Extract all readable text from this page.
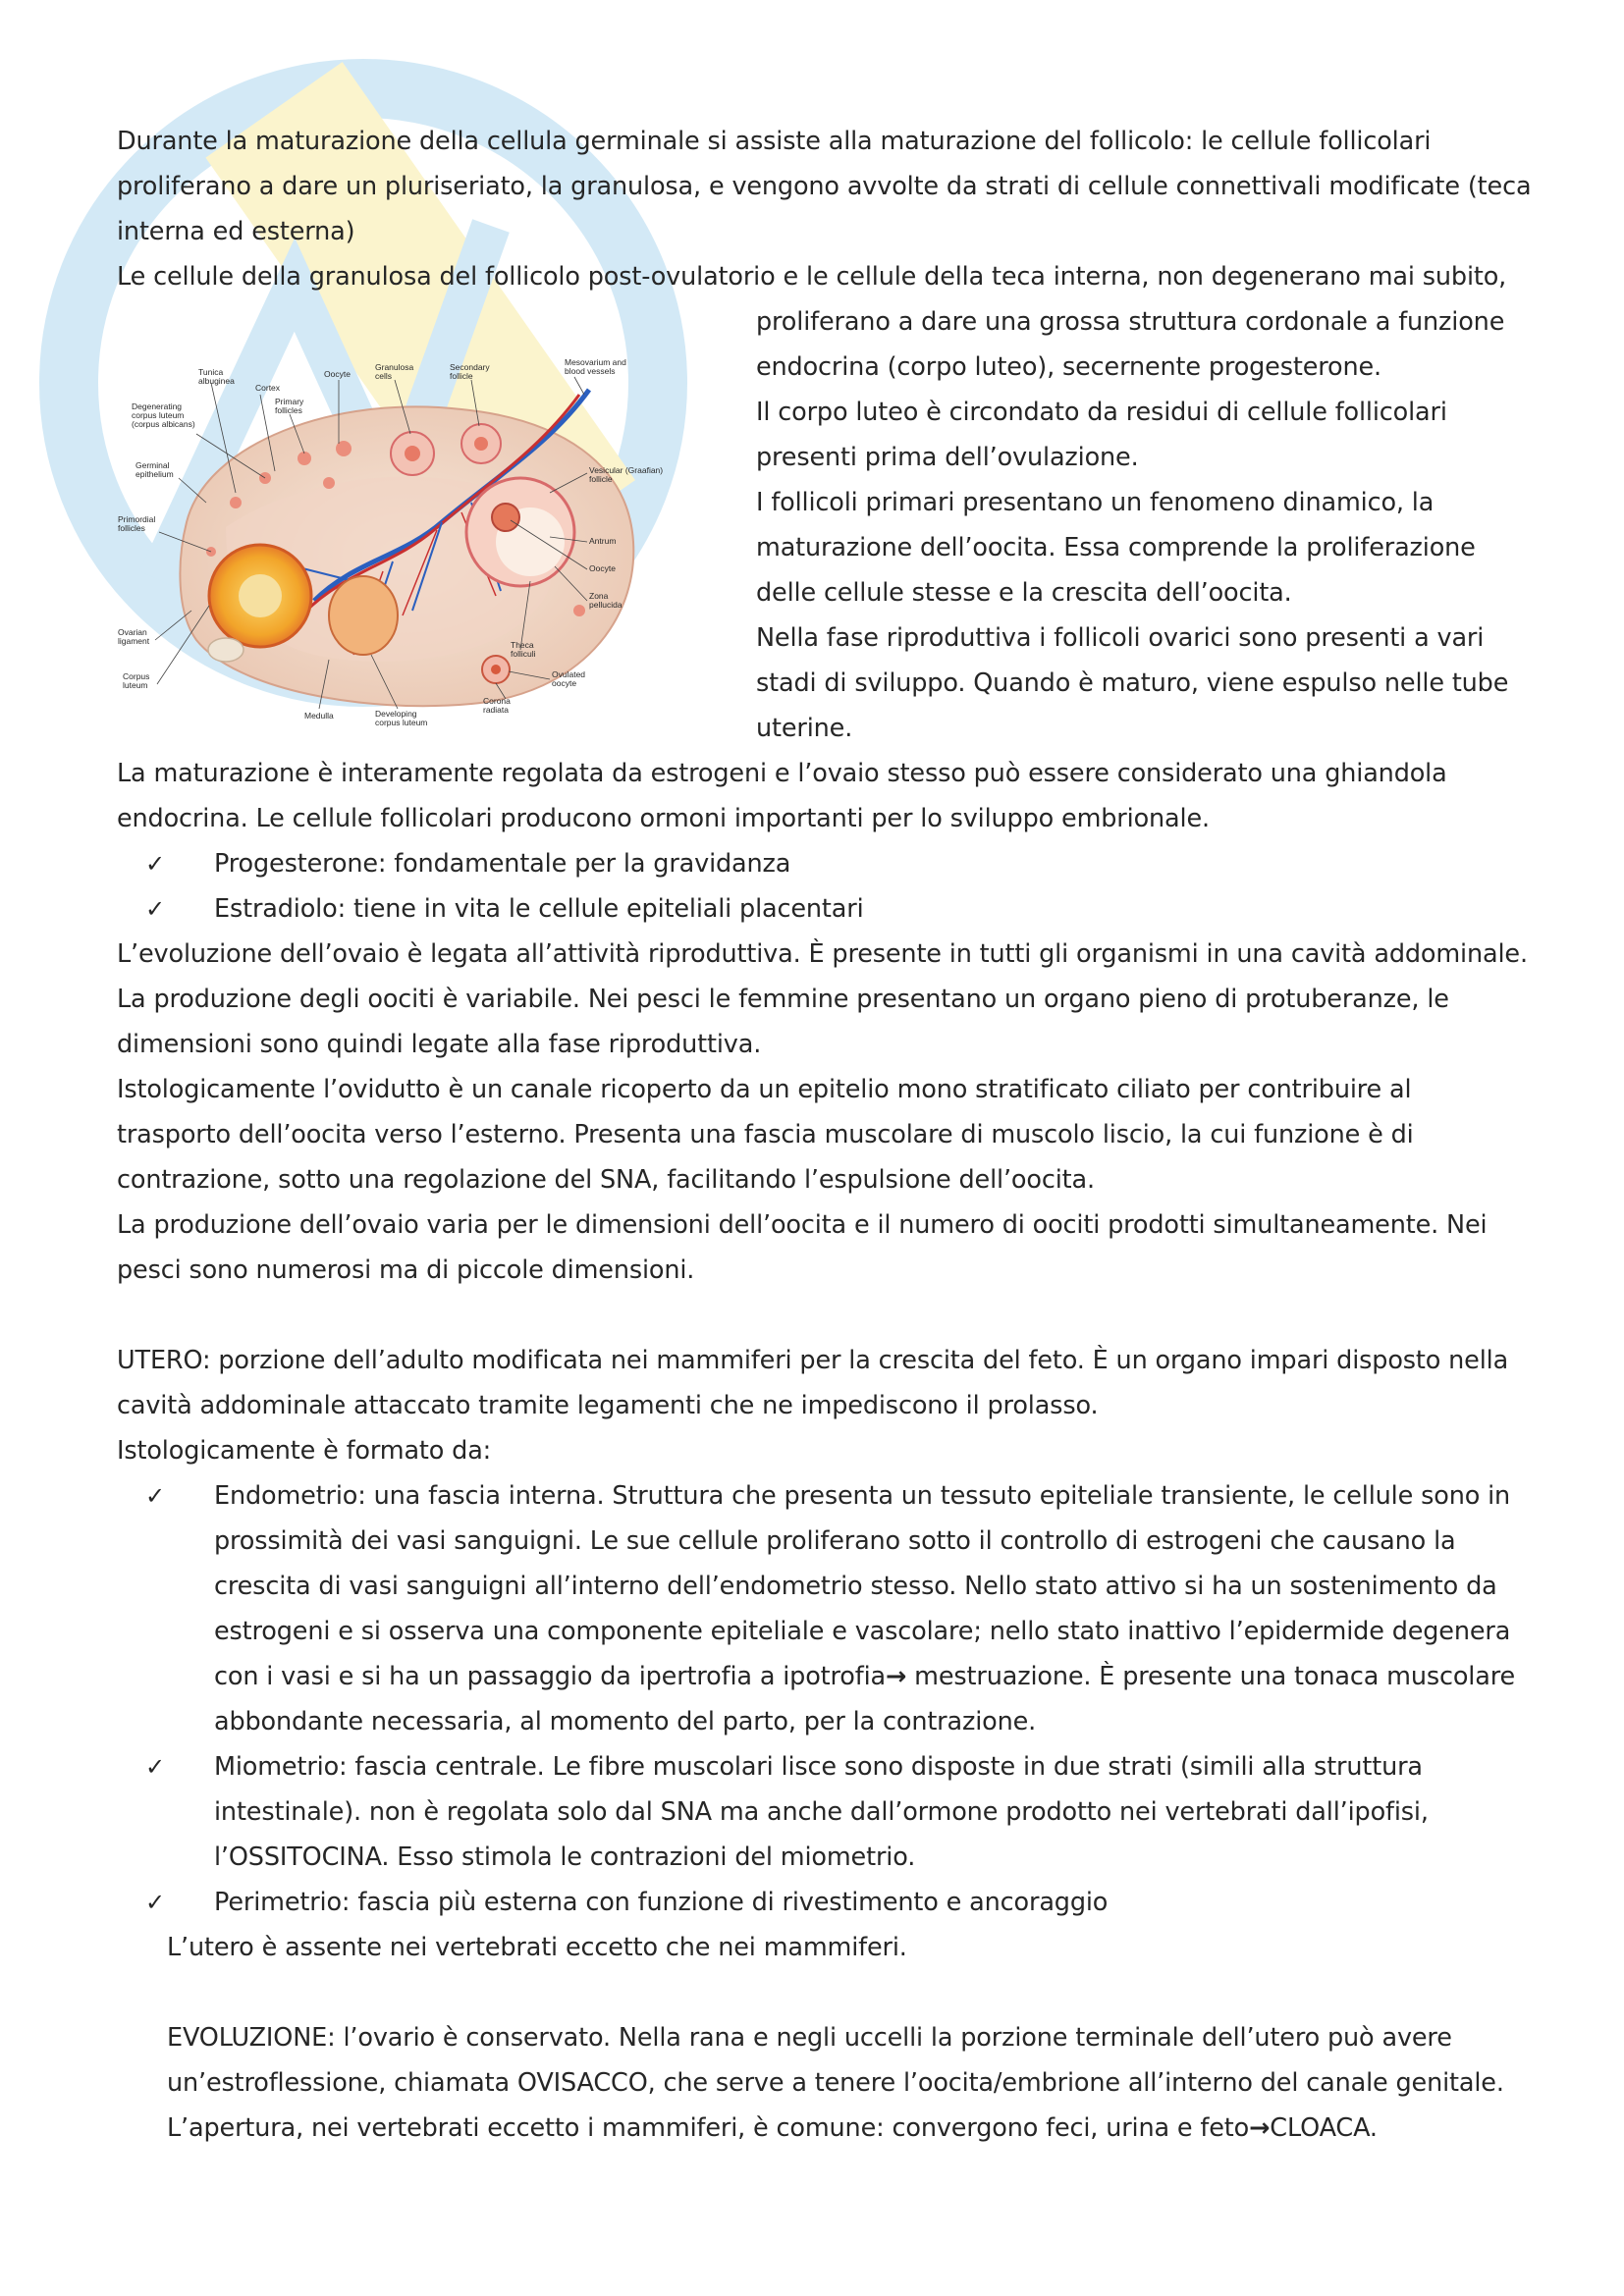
Tunica albuginea
Cortex
Oocyte
Granulosa cells
Secondary follicle
Mesovarium and blood vessels
Degenerating corpus luteum (corpus albicans)
Primary follicles
Germinal epithelium
Primordial follicles
Vesicular (Graafian) follicle
Antrum
Oocyte
Zona pellucida
Ovarian ligament
Corpus luteum
Theca folliculi
Ovulated oocyte
Corona radiata
Medulla	Developing corpus luteum
Durante la maturazione della cellula germinale si assiste alla maturazione del follicolo: le cellule follicolari
proliferano a dare un pluriseriato, la granulosa, e vengono avvolte da strati di cellule connettivali modificate (teca
interna ed esterna)
Le cellule della granulosa del follicolo post-ovulatorio e le cellule della teca interna, non degenerano mai subito,
proliferano a dare una grossa struttura cordonale a funzione
endocrina (corpo luteo), secernente progesterone.
Il corpo luteo è circondato da residui di cellule follicolari
presenti prima dell’ovulazione.
I follicoli primari presentano un fenomeno dinamico, la
maturazione dell’oocita. Essa comprende la proliferazione
delle cellule stesse e la crescita dell’oocita.
Nella fase riproduttiva i follicoli ovarici sono presenti a vari
stadi di sviluppo. Quando è maturo, viene espulso nelle tube
uterine.
La maturazione è interamente regolata da estrogeni e l’ovaio stesso può essere considerato una ghiandola
endocrina. Le cellule follicolari producono ormoni importanti per lo sviluppo embrionale.
✓ Progesterone: fondamentale per la gravidanza
✓ Estradiolo: tiene in vita le cellule epiteliali placentari
L’evoluzione dell’ovaio è legata all’attività riproduttiva. È presente in tutti gli organismi in una cavità addominale.
La produzione degli oociti è variabile. Nei pesci le femmine presentano un organo pieno di protuberanze, le
dimensioni sono quindi legate alla fase riproduttiva.
Istologicamente l’ovidutto è un canale ricoperto da un epitelio mono stratificato ciliato per contribuire al
trasporto dell’oocita verso l’esterno. Presenta una fascia muscolare di muscolo liscio, la cui funzione è di
contrazione, sotto una regolazione del SNA, facilitando l’espulsione dell’oocita.
La produzione dell’ovaio varia per le dimensioni dell’oocita e il numero di oociti prodotti simultaneamente. Nei
pesci sono numerosi ma di piccole dimensioni.
UTERO: porzione dell’adulto modificata nei mammiferi per la crescita del feto. È un organo impari disposto nella
cavità addominale attaccato tramite legamenti che ne impediscono il prolasso.
Istologicamente è formato da:
✓ Endometrio: una fascia interna. Struttura che presenta un tessuto epiteliale transiente, le cellule sono in
prossimità dei vasi sanguigni. Le sue cellule proliferano sotto il controllo di estrogeni che causano la
crescita di vasi sanguigni all’interno dell’endometrio stesso. Nello stato attivo si ha un sostenimento da
estrogeni e si osserva una componente epiteliale e vascolare; nello stato inattivo l’epidermide degenera
con i vasi e si ha un passaggio da ipertrofia a ipotrofia→ mestruazione. È presente una tonaca muscolare
abbondante necessaria, al momento del parto, per la contrazione.
✓ Miometrio: fascia centrale. Le fibre muscolari lisce sono disposte in due strati (simili alla struttura
intestinale). non è regolata solo dal SNA ma anche dall’ormone prodotto nei vertebrati dall’ipofisi,
l’OSSITOCINA. Esso stimola le contrazioni del miometrio.
✓ Perimetrio: fascia più esterna con funzione di rivestimento e ancoraggio
L’utero è assente nei vertebrati eccetto che nei mammiferi.
EVOLUZIONE: l’ovario è conservato. Nella rana e negli uccelli la porzione terminale dell’utero può avere
un’estroflessione, chiamata OVISACCO, che serve a tenere l’oocita/embrione all’interno del canale genitale.
L’apertura, nei vertebrati eccetto i mammiferi, è comune: convergono feci, urina e feto→CLOACA.
